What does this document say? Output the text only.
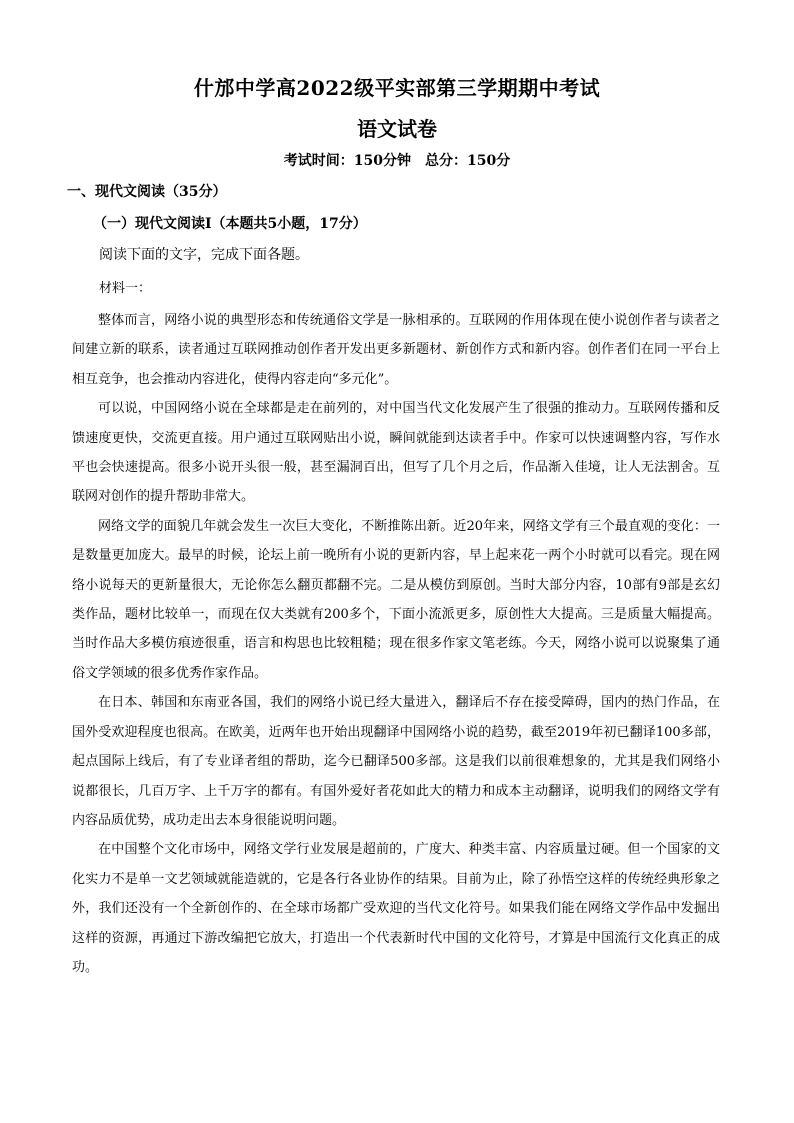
什邡中学高2022级平实部第三学期期中考试
语文试卷
考试时间：150分钟　总分：150分
一、现代文阅读（35分）
（一）现代文阅读Ⅰ（本题共5小题，17分）
阅读下面的文字，完成下面各题。
材料一：

整体而言，网络小说的典型形态和传统通俗文学是一脉相承的。互联网的作用体现在使小说创作者与读者之间建立新的联系，读者通过互联网推动创作者开发出更多新题材、新创作方式和新内容。创作者们在同一平台上相互竞争，也会推动内容进化，使得内容走向“多元化”。

可以说，中国网络小说在全球都是走在前列的，对中国当代文化发展产生了很强的推动力。互联网传播和反馈速度更快，交流更直接。用户通过互联网贴出小说，瞬间就能到达读者手中。作家可以快速调整内容，写作水平也会快速提高。很多小说开头很一般，甚至漏洞百出，但写了几个月之后，作品渐入佳境，让人无法割舍。互联网对创作的提升帮助非常大。

网络文学的面貌几年就会发生一次巨大变化，不断推陈出新。近20年来，网络文学有三个最直观的变化：一是数量更加庞大。最早的时候，论坛上前一晚所有小说的更新内容，早上起来花一两个小时就可以看完。现在网络小说每天的更新量很大，无论你怎么翻页都翻不完。二是从模仿到原创。当时大部分内容，10部有9部是玄幻类作品，题材比较单一，而现在仅大类就有200多个，下面小流派更多，原创性大大提高。三是质量大幅提高。当时作品大多模仿痕迹很重，语言和构思也比较粗糙；现在很多作家文笔老练。今天，网络小说可以说聚集了通俗文学领域的很多优秀作家作品。

在日本、韩国和东南亚各国，我们的网络小说已经大量进入，翻译后不存在接受障碍，国内的热门作品，在国外受欢迎程度也很高。在欧美，近两年也开始出现翻译中国网络小说的趋势，截至2019年初已翻译100多部，起点国际上线后，有了专业译者组的帮助，迄今已翻译500多部。这是我们以前很难想象的，尤其是我们网络小说都很长，几百万字、上千万字的都有。有国外爱好者花如此大的精力和成本主动翻译，说明我们的网络文学有内容品质优势，成功走出去本身很能说明问题。

在中国整个文化市场中，网络文学行业发展是超前的，广度大、种类丰富、内容质量过硬。但一个国家的文化实力不是单一文艺领域就能造就的，它是各行各业协作的结果。目前为止，除了孙悟空这样的传统经典形象之外，我们还没有一个全新创作的、在全球市场都广受欢迎的当代文化符号。如果我们能在网络文学作品中发掘出这样的资源，再通过下游改编把它放大，打造出一个代表新时代中国的文化符号，才算是中国流行文化真正的成功。
